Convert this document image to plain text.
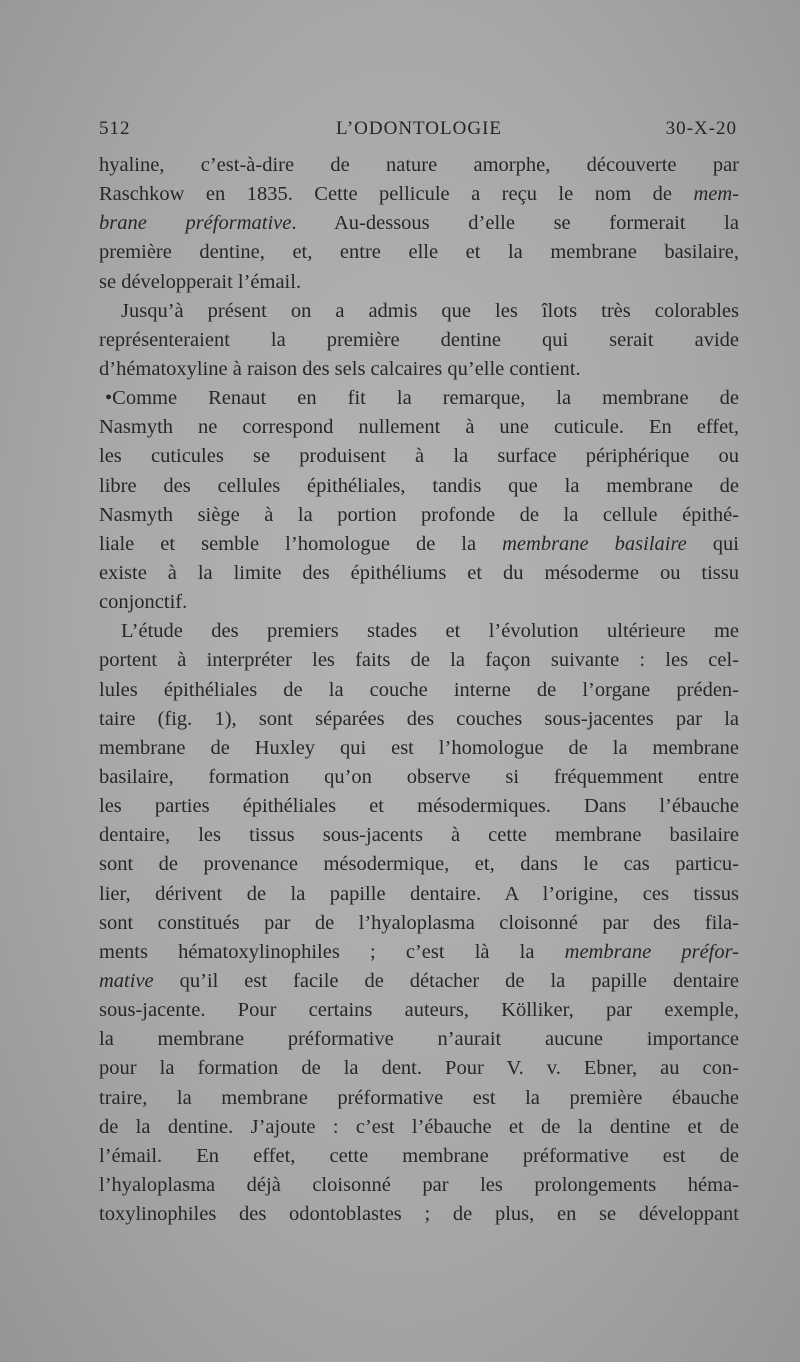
512	L’ODONTOLOGIE	30-X-20
hyaline, c’est-à-dire de nature amorphe, découverte par
Raschkow en 1835. Cette pellicule a reçu le nom de mem-
brane préformative. Au-dessous d’elle se formerait la
première dentine, et, entre elle et la membrane basilaire,
se développerait l’émail.
Jusqu’à présent on a admis que les îlots très colorables
représenteraient la première dentine qui serait avide
d’hématoxyline à raison des sels calcaires qu’elle contient.
•Comme Renaut en fit la remarque, la membrane de
Nasmyth ne correspond nullement à une cuticule. En effet,
les cuticules se produisent à la surface périphérique ou
libre des cellules épithéliales, tandis que la membrane de
Nasmyth siège à la portion profonde de la cellule épithé-
liale et semble l’homologue de la membrane basilaire qui
existe à la limite des épithéliums et du mésoderme ou tissu
conjonctif.
L’étude des premiers stades et l’évolution ultérieure me
portent à interpréter les faits de la façon suivante : les cel-
lules épithéliales de la couche interne de l’organe préden-
taire (fig. 1), sont séparées des couches sous-jacentes par la
membrane de Huxley qui est l’homologue de la membrane
basilaire, formation qu’on observe si fréquemment entre
les parties épithéliales et mésodermiques. Dans l’ébauche
dentaire, les tissus sous-jacents à cette membrane basilaire
sont de provenance mésodermique, et, dans le cas particu-
lier, dérivent de la papille dentaire. A l’origine, ces tissus
sont constitués par de l’hyaloplasma cloisonné par des fila-
ments hématoxylinophiles ; c’est là la membrane préfor-
mative qu’il est facile de détacher de la papille dentaire
sous-jacente. Pour certains auteurs, Kölliker, par exemple,
la membrane préformative n’aurait aucune importance
pour la formation de la dent. Pour V. v. Ebner, au con-
traire, la membrane préformative est la première ébauche
de la dentine. J’ajoute : c’est l’ébauche et de la dentine et de
l’émail. En effet, cette membrane préformative est de
l’hyaloplasma déjà cloisonné par les prolongements héma-
toxylinophiles des odontoblastes ; de plus, en se développant
